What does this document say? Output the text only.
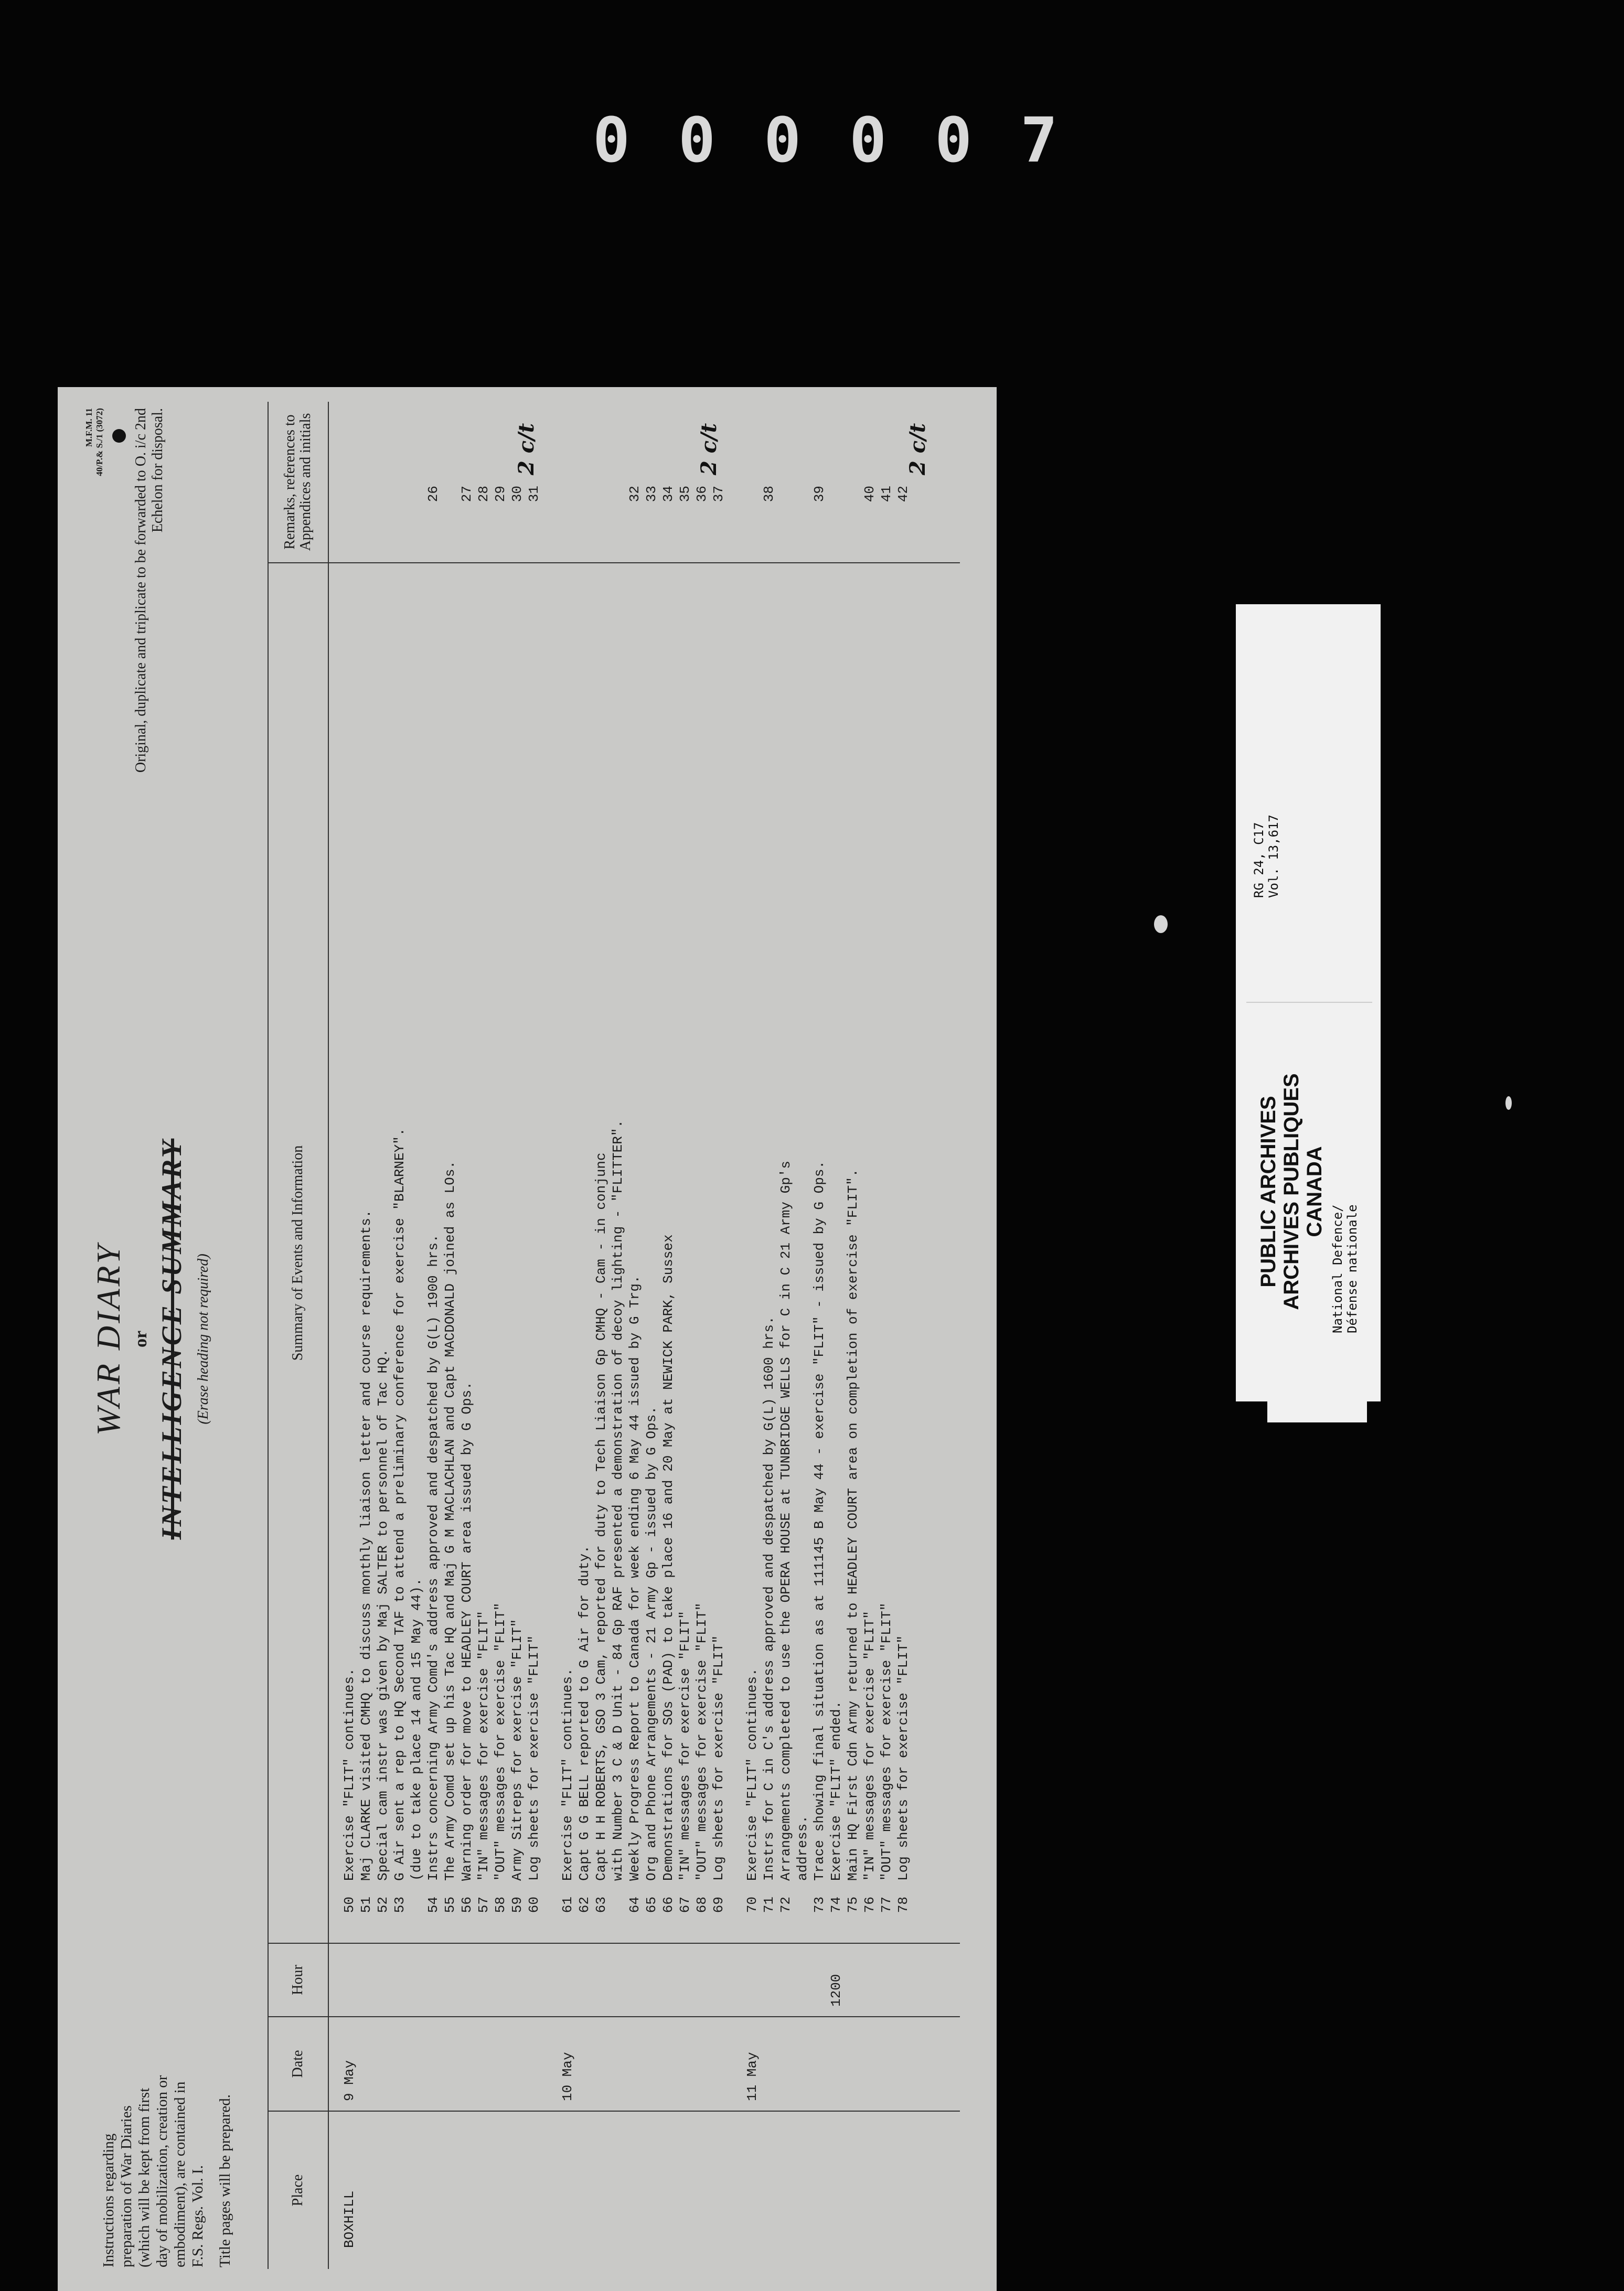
000007
Instructions regarding preparation of War Diaries (which will be kept from first day of mobilization, creation or embodiment), are contained in F.S. Regs. Vol. I. Title pages will be prepared.
WAR DIARY or INTELLIGENCE SUMMARY (Erase heading not required)
M.F.M. 11 40/P.& S./1 (3072) Original, duplicate and triplicate to be forwarded to O. i/c 2nd Echelon for disposal.
Place
Date
Hour
Summary of Events and Information
Remarks, references to Appendices and initials
BOXHILL
9 May
50
Exercise "FLIT" continues.
51
Maj CLARKE visited CMHQ to discuss monthly liaison letter and course requirements.
52
Special cam instr was given by Maj SALTER to personnel of Tac HQ.
53
G Air sent a rep to HQ Second TAF to attend a preliminary conference for exercise "BLARNEY". (due to take place 14 and 15 May 44).
54
Instrs concerning Army Comd's address approved and despatched by G(L) 1900 hrs.
26
55
The Army Comd set up his Tac HQ and Maj G M MACLACHLAN and Capt MACDONALD joined as LOs.
56
Warning order for move to HEADLEY COURT area issued by G Ops.
27
57
"IN" messages for exercise "FLIT"
28
58
"OUT" messages for exercise "FLIT"
29
59
Army Sitreps for exercise "FLIT"
30
60
Log sheets for exercise "FLIT"
31
10 May
61
Exercise "FLIT" continues.
62
Capt G G BELL reported to G Air for duty.
63
Capt H H ROBERTS, GSO 3 Cam, reported for duty to Tech Liaison Gp CMHQ - Cam - in conjunc with Number 3 C & D Unit - 84 Gp RAF presented a demonstration of decoy lighting - "FLITTER".
64
Weekly Progress Report to Canada for week ending 6 May 44 issued by G Trg.
32
65
Org and Phone Arrangements - 21 Army Gp - issued by G Ops.
33
66
Demonstrations for SOs (PAD) to take place 16 and 20 May at NEWICK PARK, Sussex
34
67
"IN" messages for exercise "FLIT"
35
68
"OUT" messages for exercise "FLIT"
36
69
Log sheets for exercise "FLIT"
37
11 May
70
Exercise "FLIT" continues.
71
Instrs for C in C's address approved and despatched by G(L) 1600 hrs.
38
72
Arrangements completed to use the OPERA HOUSE at TUNBRIDGE WELLS for C in C 21 Army Gp's address.
73
Trace showing final situation as at 111145 B May 44 - exercise "FLIT" - issued by G Ops.
39
1200
74
Exercise "FLIT" ended.
75
Main HQ First Cdn Army returned to HEADLEY COURT area on completion of exercise "FLIT".
76
"IN" messages for exercise "FLIT"
40
77
"OUT" messages for exercise "FLIT"
41
78
Log sheets for exercise "FLIT"
42
2 c/t	2 c/t	2 c/t
PUBLIC ARCHIVES ARCHIVES PUBLIQUES CANADA
RG 24, C17 Vol. 13,617
National Defence/ Défense nationale
